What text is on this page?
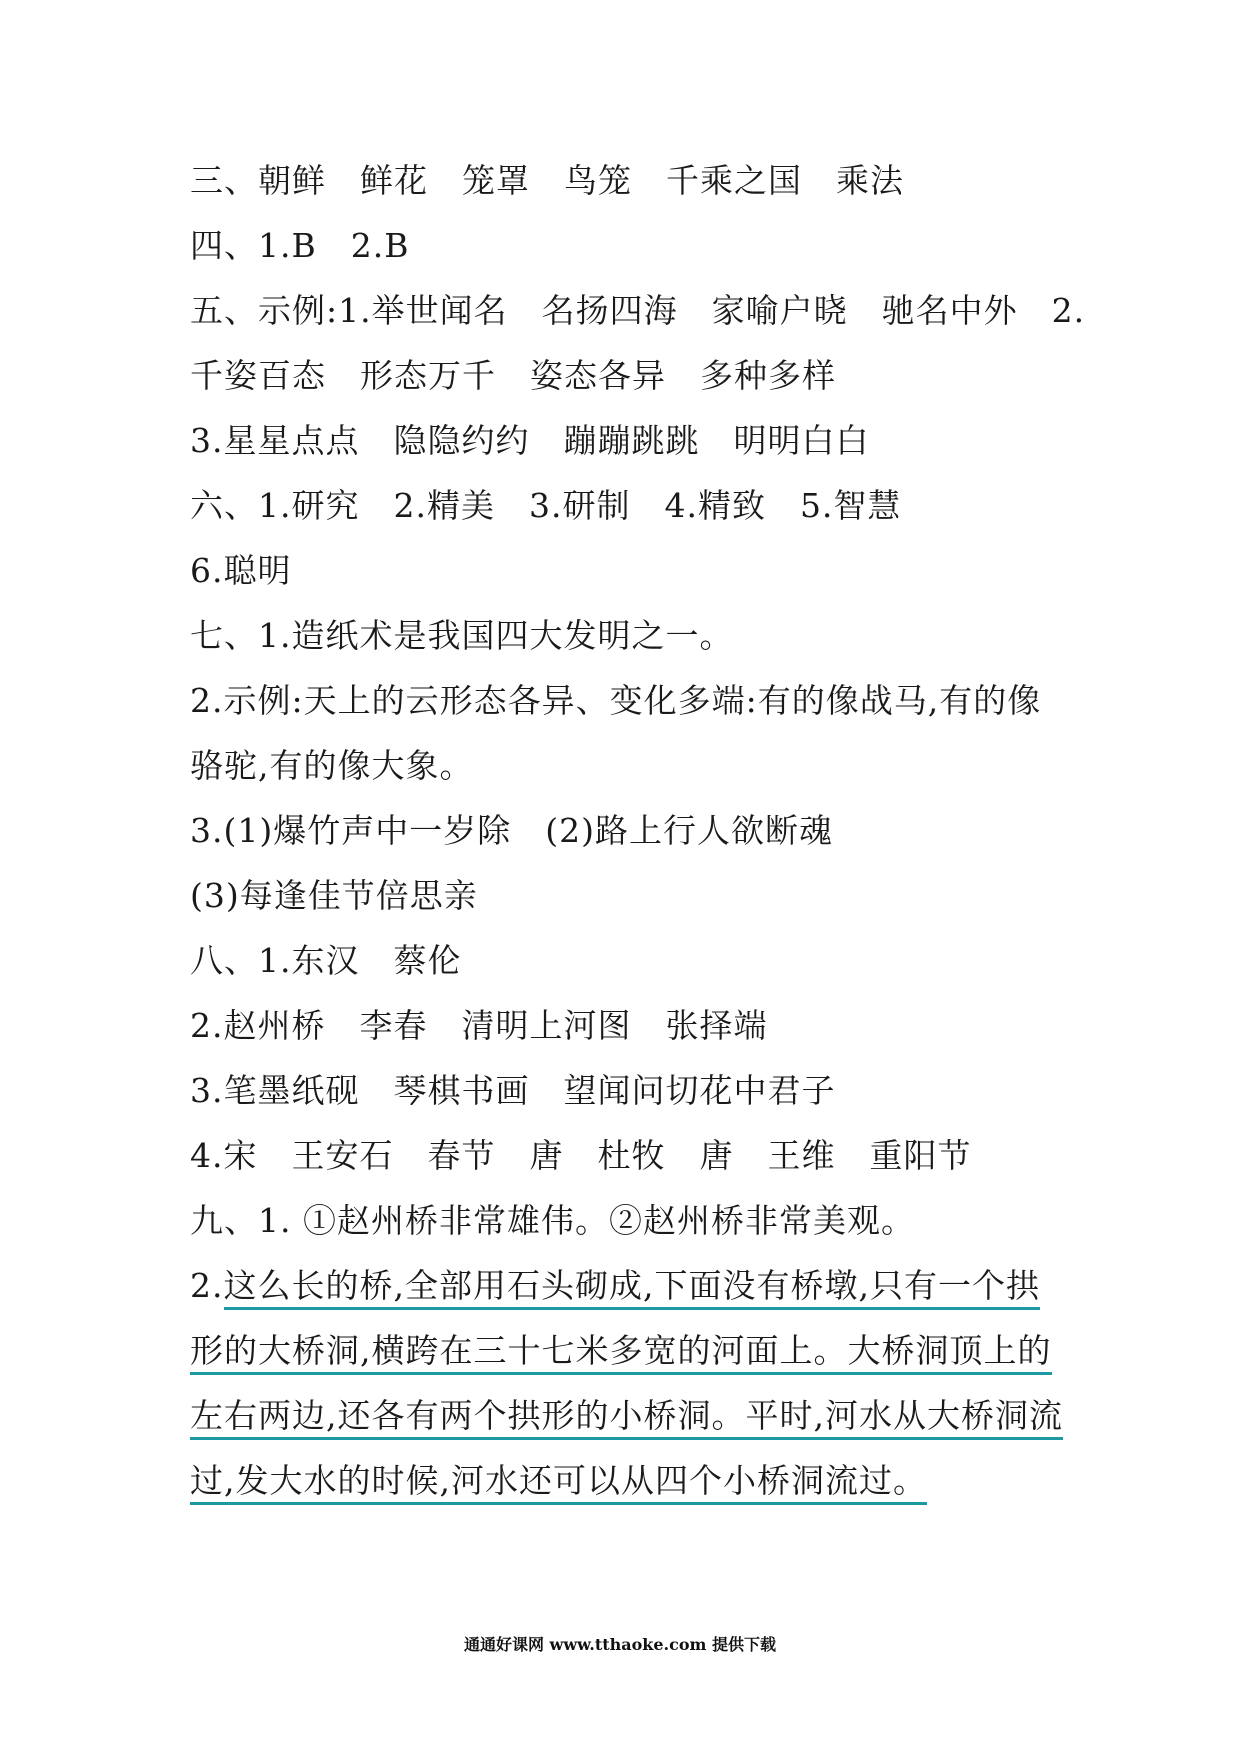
三、朝鲜　鲜花　笼罩　鸟笼　千乘之国　乘法
四、1.B　2.B
五、示例:1.举世闻名　名扬四海　家喻户晓　驰名中外　2.
千姿百态　形态万千　姿态各异　多种多样
3.星星点点　隐隐约约　蹦蹦跳跳　明明白白
六、1.研究　2.精美　3.研制　4.精致　5.智慧
6.聪明
七、1.造纸术是我国四大发明之一。
2.示例:天上的云形态各异、变化多端:有的像战马,有的像
骆驼,有的像大象。
3.(1)爆竹声中一岁除　(2)路上行人欲断魂
(3)每逢佳节倍思亲
八、1.东汉　蔡伦
2.赵州桥　李春　清明上河图　张择端
3.笔墨纸砚　琴棋书画　望闻问切花中君子
4.宋　王安石　春节　唐　杜牧　唐　王维　重阳节
九、1. ①赵州桥非常雄伟。②赵州桥非常美观。
2.这么长的桥,全部用石头砌成,下面没有桥墩,只有一个拱
形的大桥洞,横跨在三十七米多宽的河面上。大桥洞顶上的
左右两边,还各有两个拱形的小桥洞。平时,河水从大桥洞流
过,发大水的时候,河水还可以从四个小桥洞流过。
通通好课网 www.tthaoke.com 提供下载
